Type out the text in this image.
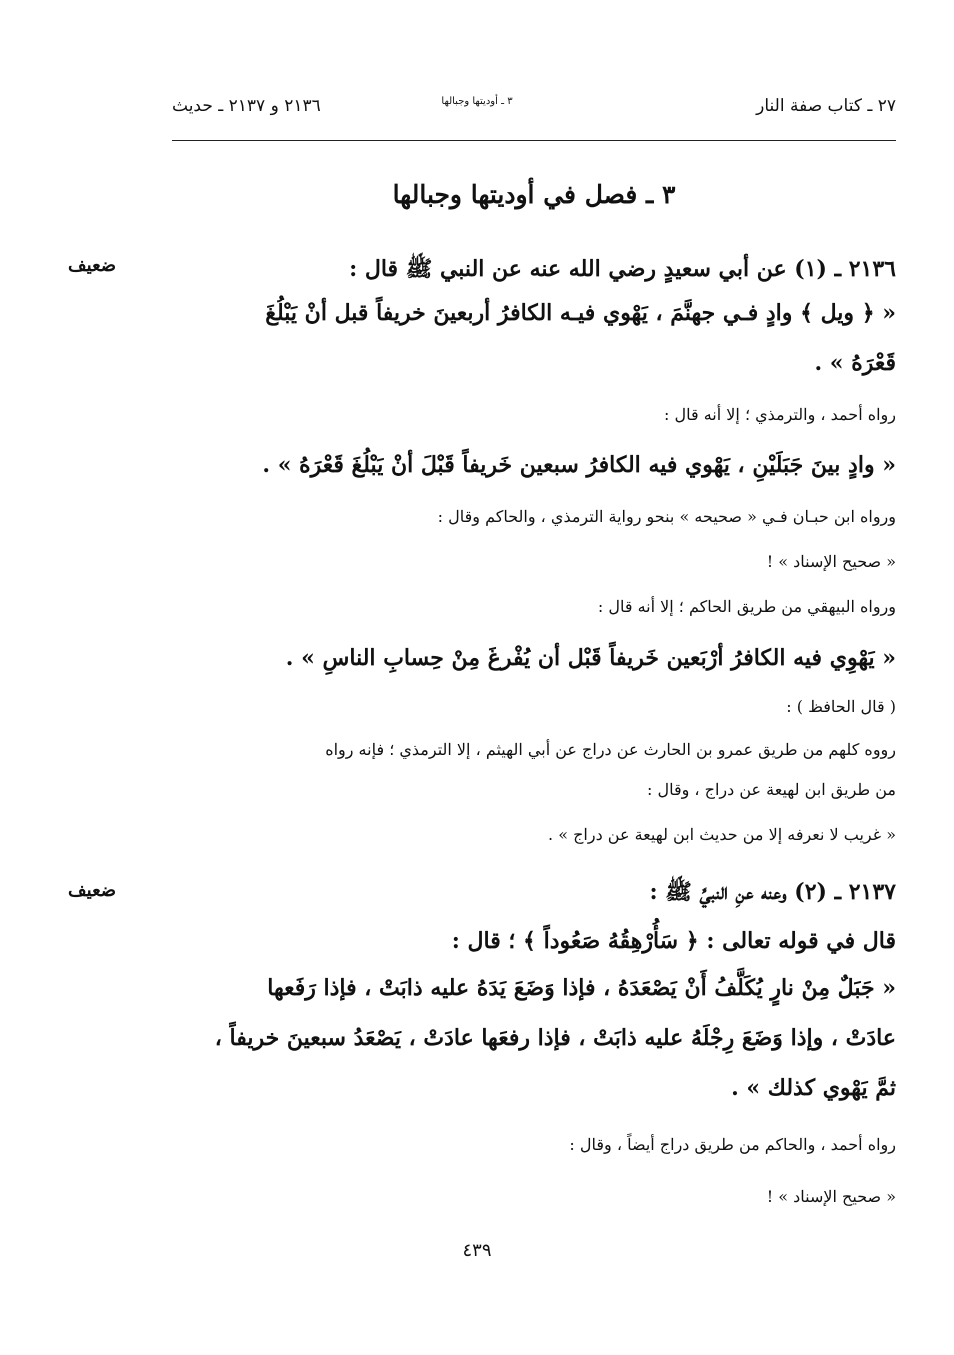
٢٧ ـ كتاب صفة النار
٣ ـ أوديتها وجبالها
٢١٣٦ و ٢١٣٧ ـ حديث
٣ ـ فصل في أوديتها وجبالها
ضعيف	٢١٣٦ ـ (١) عن أبي سعيدٍ رضي الله عنه عن النبي ﷺ قال :
« ﴿ ويل ﴾ وادٍ فـي جهنَّمَ ، يَهْوي فيـه الكافرُ أربعينَ خريفاً قبل أنْ يَبْلُغَ
قَعْرَهُ » .
رواه أحمد ، والترمذي ؛ إلا أنه قال :
« وادٍ بينَ جَبَلَيْنِ ، يَهْوي فيه الكافرُ سبعين خَريفاً قَبْلَ أنْ يَبْلُغَ قَعْرَهُ » .
ورواه ابن حبـان فـي « صحيحه » بنحو رواية الترمذي ، والحاكم وقال :
« صحيح الإسناد » !
ورواه البيهقي من طريق الحاكم ؛ إلا أنه قال :
« يَهْوِي فيه الكافرُ أرْبَعين خَريفاً قَبْل أن يُفْرغَ مِنْ حِسابِ الناسِ » .
( قال الحافظ ) :
رووه كلهم من طريق عمرو بن الحارث عن دراج عن أبي الهيثم ، إلا الترمذي ؛ فإنه رواه
من طريق ابن لهيعة عن دراج ، وقال :
« غريب لا نعرفه إلا من حديث ابن لهيعة عن دراج » .
ضعيف	٢١٣٧ ـ (٢) وعنه عنِ النبيِّ ﷺ :
قال في قوله تعالى : ﴿ سَأُرْهِقُهُ صَعُوداً ﴾ ؛ قال :
« جَبَلٌ مِنْ نارٍ يُكَلَّفُ أَنْ يَصْعَدَهُ ، فإذا وَضَعَ يَدَهُ عليه ذابَتْ ، فإذا رَفَعها
عادَتْ ، وإذا وَضَعَ رِجْلَهُ عليه ذابَتْ ، فإذا رفعَها عادَتْ ، يَصْعَدُ سبعينَ خريفاً ،
ثمَّ يَهْوي كذلك » .
رواه أحمد ، والحاكم من طريق دراج أيضاً ، وقال :
« صحيح الإسناد » !
٤٣٩
